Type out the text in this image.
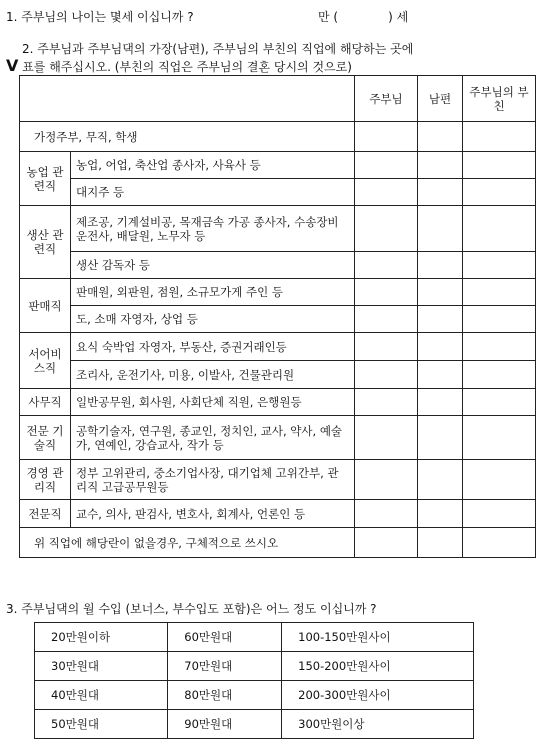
1. 주부님의 나이는 몇세 이십니까 ?	만 (	) 세
2. 주부님과 주부님댁의 가장(남편), 주부님의 부친의 직업에 해당하는 곳에
V 표를 해주십시오. (부친의 직업은 주부님의 결혼 당시의 것으로)
		주부님	남편	주부님의 부친
가정주부, 무직, 학생				
농업 관련직	농업, 어업, 축산업 종사자, 사육사 등			
	대지주 등			
생산 관련직	제조공, 기계설비공, 목재금속 가공 종사자, 수송장비 운전사, 배달원, 노무자 등			
	생산 감독자 등			
판매직	판매원, 외판원, 점원, 소규모가게 주인 등			
	도, 소매 자영자, 상업 등			
서어비스직	요식 숙박업 자영자, 부동산, 증권거래인등			
	조리사, 운전기사, 미용, 이발사, 건물관리원			
사무직	일반공무원, 회사원, 사회단체 직원, 은행원등			
전문 기술직	공학기술자, 연구원, 종교인, 정치인, 교사, 약사, 예술가, 연예인, 강습교사, 작가 등			
경영 관리직	정부 고위관리, 중소기업사장, 대기업체 고위간부, 관리직 고급공무원등			
전문직	교수, 의사, 판검사, 변호사, 회계사, 언론인 등			
위 직업에 해당란이 없을경우, 구체적으로 쓰시오				
3. 주부님댁의 월 수입 (보너스, 부수입도 포함)은 어느 정도 이십니까 ?
20만원이하	60만원대	100-150만원사이
30만원대	70만원대	150-200만원사이
40만원대	80만원대	200-300만원사이
50만원대	90만원대	300만원이상
